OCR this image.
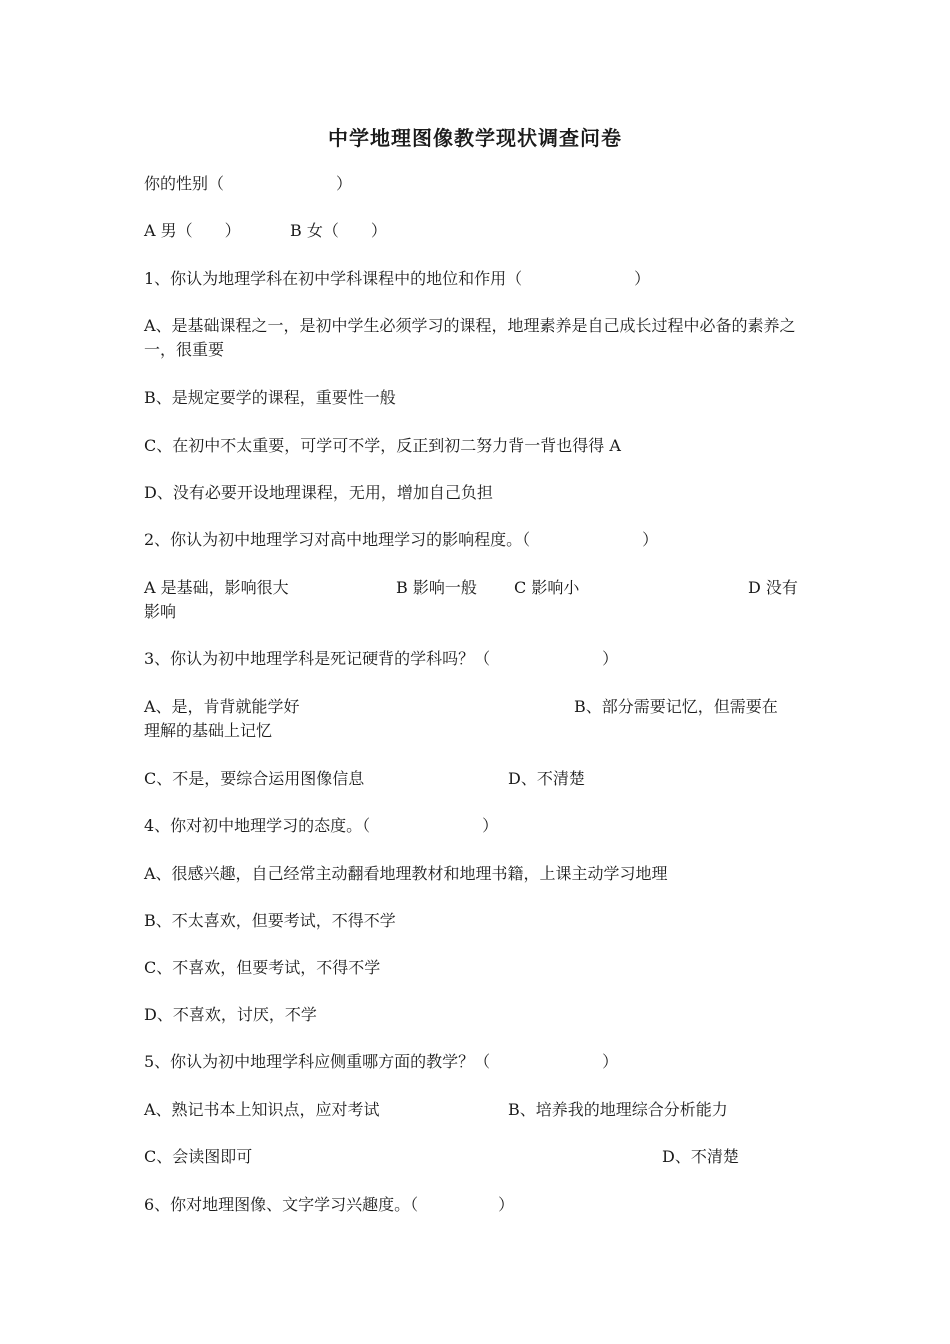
中学地理图像教学现状调查问卷
你的性别（　　　　　　　）
A 男（　　）	B 女（　　）
1、你认为地理学科在初中学科课程中的地位和作用（　　　　　　　）
A、是基础课程之一，是初中学生必须学习的课程，地理素养是自己成长过程中必备的素养之一，很重要
B、是规定要学的课程，重要性一般
C、在初中不太重要，可学可不学，反正到初二努力背一背也得得 A
D、没有必要开设地理课程，无用，增加自己负担
2、你认为初中地理学习对高中地理学习的影响程度。（　　　　　　　）
A 是基础，影响很大	B 影响一般 C 影响小	D 没有
影响
3、你认为初中地理学科是死记硬背的学科吗？（　　　　　　　）
A、是，肯背就能学好	B、部分需要记忆，但需要在
理解的基础上记忆
C、不是，要综合运用图像信息	D、不清楚
4、你对初中地理学习的态度。（　　　　　　　）
A、很感兴趣，自己经常主动翻看地理教材和地理书籍，上课主动学习地理
B、不太喜欢，但要考试，不得不学
C、不喜欢，但要考试，不得不学
D、不喜欢，讨厌，不学
5、你认为初中地理学科应侧重哪方面的教学？（　　　　　　　）
A、熟记书本上知识点，应对考试	B、培养我的地理综合分析能力
C、会读图即可	D、不清楚
6、你对地理图像、文字学习兴趣度。（　　　　　）
